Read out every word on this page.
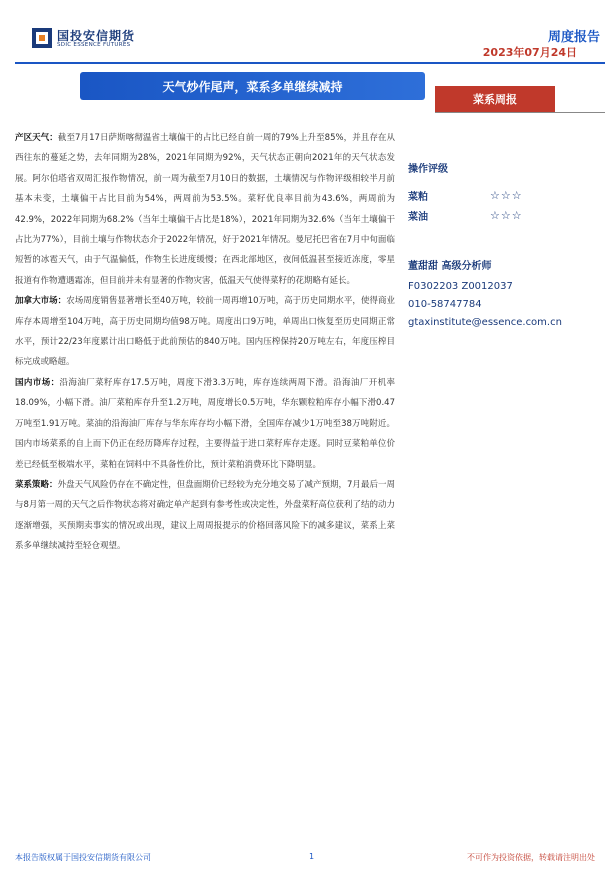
国投安信期货
SDIC ESSENCE FUTURES	周度报告
2023年07月24日
天气炒作尾声，菜系多单继续减持
菜系周报

产区天气：截至7月17日萨斯喀彻温省土壤偏干的占比已经自前一周的79%上升至85%，并且存在从西往东的蔓延之势，去年同期为28%，2021年同期为92%，天气状态正朝向2021年的天气状态发展。阿尔伯塔省双周汇报作物情况，前一周为截至7月10日的数据，土壤情况与作物评级相较半月前基本未变，土壤偏干占比目前为54%，两周前为53.5%。菜籽优良率目前为43.6%，两周前为42.9%，2022年同期为68.2%（当年土壤偏干占比是18%），2021年同期为32.6%（当年土壤偏干占比为77%），目前土壤与作物状态介于2022年情况，好于2021年情况。曼尼托巴省在7月中旬面临短暂的冰雹天气，由于气温偏低，作物生长进度缓慢；在西北部地区，夜间低温甚至接近冻度，零星报道有作物遭遇霜冻，但目前并未有显著的作物灾害，低温天气使得菜籽的花期略有延长。

加拿大市场：农场周度销售显著增长至40万吨，较前一周再增10万吨，高于历史同期水平，使得商业库存本周增至104万吨，高于历史同期均值98万吨。周度出口9万吨，单周出口恢复至历史同期正常水平，预计22/23年度累计出口略低于此前预估的840万吨。国内压榨保持20万吨左右，年度压榨目标完成或略超。

国内市场：沿海油厂菜籽库存17.5万吨，周度下滑3.3万吨，库存连续两周下滑。沿海油厂开机率18.09%，小幅下滑。油厂菜粕库存升至1.2万吨，周度增长0.5万吨，华东颗粒粕库存小幅下滑0.47万吨至1.91万吨。菜油的沿海油厂库存与华东库存均小幅下滑，全国库存减少1万吨至38万吨附近。国内市场菜系的自上而下仍正在经历降库存过程，主要得益于进口菜籽库存走逐。同时豆菜粕单位价差已经低至极端水平，菜粕在饲料中不具备性价比，预计菜粕消费环比下降明显。

菜系策略：外盘天气风险仍存在不确定性，但盘面期价已经较为充分地交易了减产预期，7月最后一周与8月第一周的天气之后作物状态将对确定单产起到有参考性或决定性，外盘菜籽高位获利了结的动力逐渐增强，买预期卖事实的情况或出现，建议上周周报提示的价格回落风险下的减多建议，菜系上菜系多单继续减持至轻仓观望。

操作评级
菜粕	☆☆☆
菜油	☆☆☆
董甜甜 高级分析师
F0302203 Z0012037
010-58747784
gtaxinstitute@essence.com.cn
本报告版权属于国投安信期货有限公司	1	不可作为投资依据，转载请注明出处
